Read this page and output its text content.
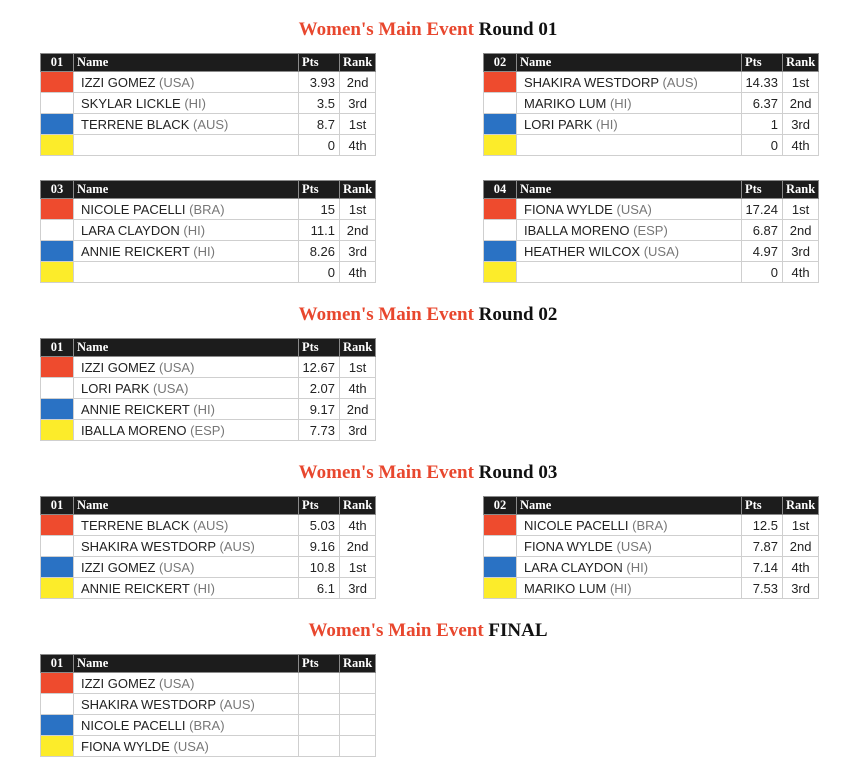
Women's Main Event Round 01
01	Name	Pts	Rank

	IZZI GOMEZ (USA)	3.93	2nd

	SKYLAR LICKLE (HI)	3.5	3rd

	TERRENE BLACK (AUS)	8.7	1st

		0	4th
02	Name	Pts	Rank

	SHAKIRA WESTDORP (AUS)	14.33	1st

	MARIKO LUM (HI)	6.37	2nd

	LORI PARK (HI)	1	3rd

		0	4th
03	Name	Pts	Rank

	NICOLE PACELLI (BRA)	15	1st

	LARA CLAYDON (HI)	11.1	2nd

	ANNIE REICKERT (HI)	8.26	3rd

		0	4th
04	Name	Pts	Rank

	FIONA WYLDE (USA)	17.24	1st

	IBALLA MORENO (ESP)	6.87	2nd

	HEATHER WILCOX (USA)	4.97	3rd

		0	4th
Women's Main Event Round 02
01	Name	Pts	Rank

	IZZI GOMEZ (USA)	12.67	1st

	LORI PARK (USA)	2.07	4th

	ANNIE REICKERT (HI)	9.17	2nd

	IBALLA MORENO (ESP)	7.73	3rd
Women's Main Event Round 03
01	Name	Pts	Rank

	TERRENE BLACK (AUS)	5.03	4th

	SHAKIRA WESTDORP (AUS)	9.16	2nd

	IZZI GOMEZ (USA)	10.8	1st

	ANNIE REICKERT (HI)	6.1	3rd
02	Name	Pts	Rank

	NICOLE PACELLI (BRA)	12.5	1st

	FIONA WYLDE (USA)	7.87	2nd

	LARA CLAYDON (HI)	7.14	4th

	MARIKO LUM (HI)	7.53	3rd
Women's Main Event FINAL
01	Name	Pts	Rank

	IZZI GOMEZ (USA)		

	SHAKIRA WESTDORP (AUS)		

	NICOLE PACELLI (BRA)		

	FIONA WYLDE (USA)		
